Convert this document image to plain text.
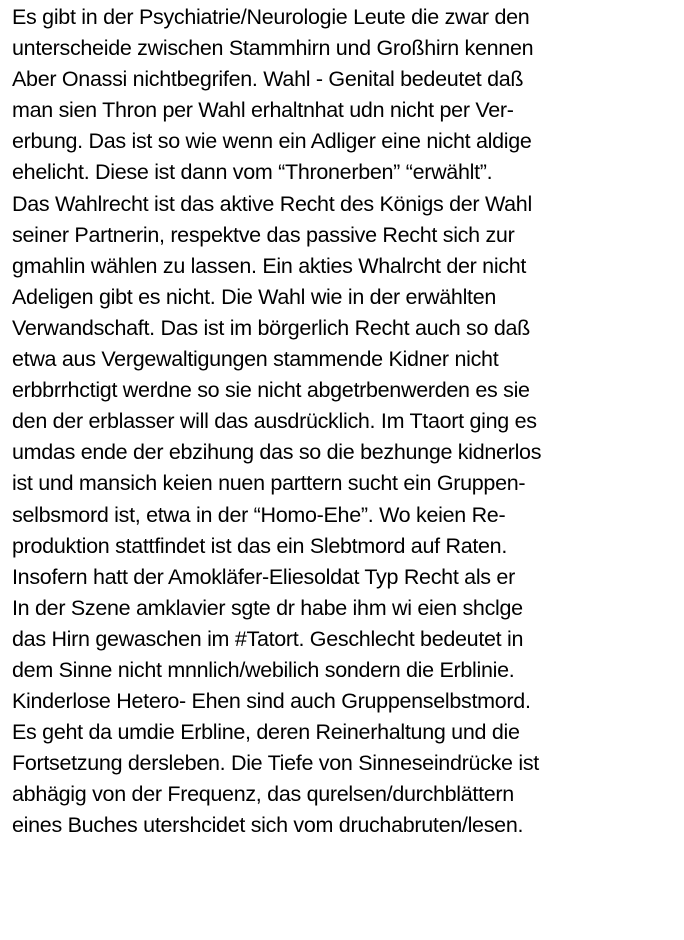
Es gibt in der Psychiatrie/Neurologie Leute die zwar den
unterscheide zwischen Stammhirn und Großhirn kennen
Aber Onassi nichtbegrifen. Wahl - Genital bedeutet daß
man sien Thron per Wahl erhaltnhat udn nicht per Ver-
erbung. Das ist so wie wenn ein Adliger eine nicht aldige
ehelicht. Diese ist dann vom “Thronerben” “erwählt”.
Das Wahlrecht ist das aktive Recht des Königs der Wahl
seiner Partnerin, respektve das passive Recht sich zur
gmahlin wählen zu lassen. Ein akties Whalrcht der nicht
Adeligen gibt es nicht. Die Wahl wie in der erwählten
Verwandschaft. Das ist im börgerlich Recht auch so daß
etwa aus Vergewaltigungen stammende Kidner nicht
erbbrrhctigt werdne so sie nicht abgetrbenwerden es sie
den der erblasser will das ausdrücklich. Im Ttaort ging es
umdas ende der ebzihung das so die bezhunge kidnerlos
ist und mansich keien nuen parttern sucht ein Gruppen-
selbsmord ist, etwa in der “Homo-Ehe”. Wo keien Re-
produktion stattfindet ist das ein Slebtmord auf Raten.
Insofern hatt der Amokläfer-Eliesoldat Typ Recht als er
In der Szene amklavier sgte dr habe ihm wi eien shclge
das Hirn gewaschen im #Tatort. Geschlecht bedeutet in
dem Sinne nicht mnnlich/webilich sondern die Erblinie.
Kinderlose Hetero- Ehen sind auch Gruppenselbstmord.
Es geht da umdie Erbline, deren Reinerhaltung und die
Fortsetzung dersleben. Die Tiefe von Sinneseindrücke ist
abhägig von der Frequenz, das qurelsen/durchblättern
eines Buches utershcidet sich vom druchabruten/lesen.
